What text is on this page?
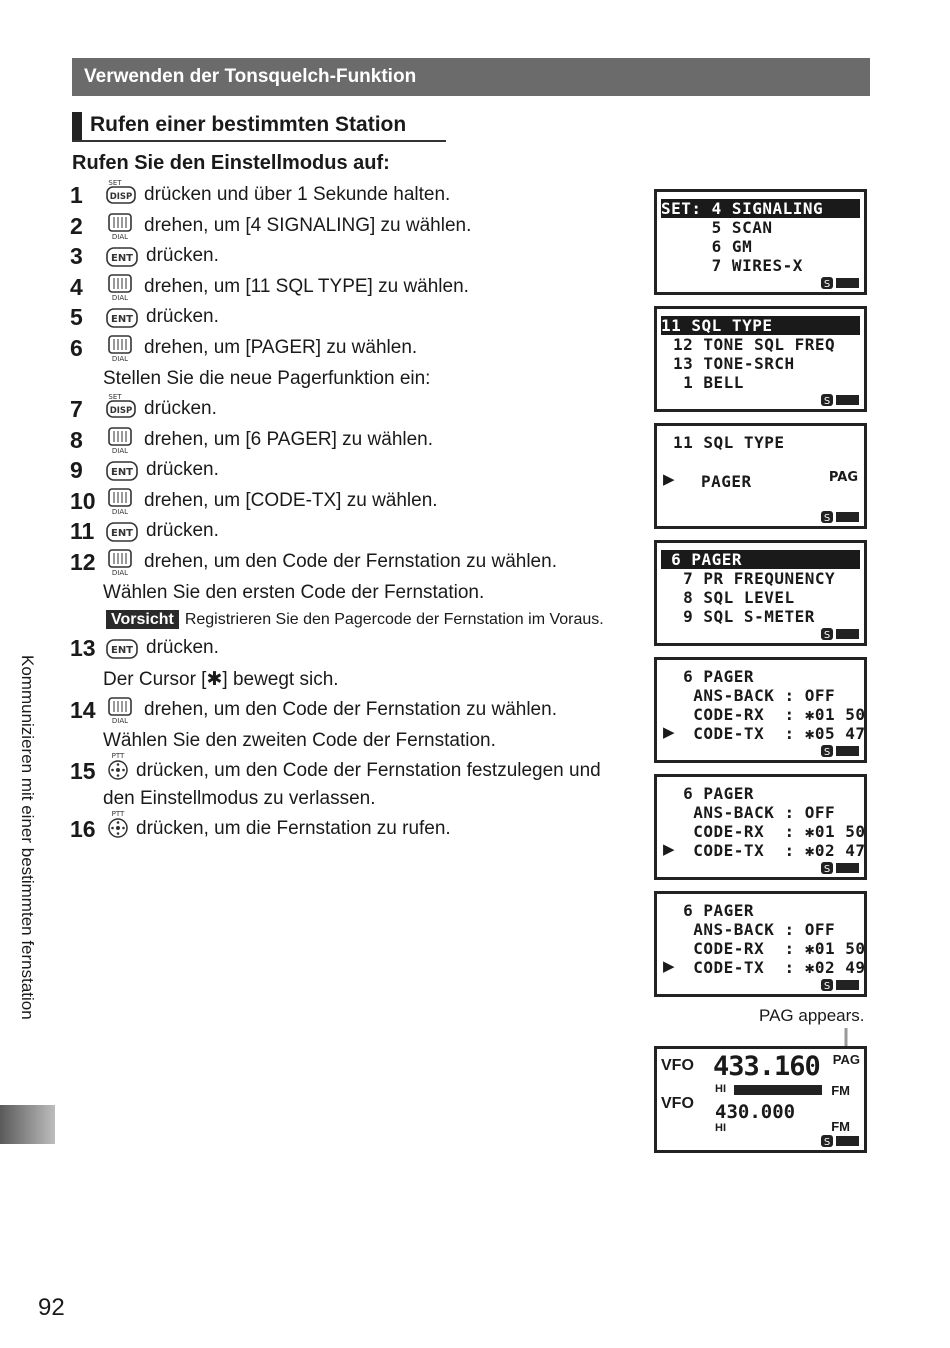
Verwenden der Tonsquelch-Funktion
Rufen einer bestimmten Station
Rufen Sie den Einstellmodus auf:
1	SET
DISP drücken und über 1 Sekunde halten.
2	DIAL
drehen, um [4 SIGNALING] zu wählen.
3	ENT drücken.
4	DIAL
drehen, um [11 SQL TYPE] zu wählen.
5	ENT drücken.
6	DIAL
drehen, um [PAGER] zu wählen.
7	SET
DISP drücken.
8	DIAL
drehen, um [6 PAGER] zu wählen.
9	ENT drücken.
10	DIAL
drehen, um [CODE-TX] zu wählen.
11	ENT drücken.
12	DIAL
drehen, um den Code der Fernstation zu wählen.
13	ENT drücken.
14	DIAL
drehen, um den Code der Fernstation zu wählen.
15
PTT
drücken, um den Code der Fernstation festzulegen und
16
PTT
drücken, um die Fernstation zu rufen.
Stellen Sie die neue Pagerfunktion ein:
Wählen Sie den ersten Code der Fernstation.
Vorsicht Registrieren Sie den Pagercode der Fernstation im Voraus.
Der Cursor [✱] bewegt sich.
Wählen Sie den zweiten Code der Fernstation.
den Einstellmodus zu verlassen.
SET: 4 SIGNALING
5 SCAN
6 GM
7 WIRES-X
S
11 SQL TYPE
12 TONE SQL FREQ
13 TONE-SRCH
1 BELL
S
11 SQL TYPE
▶ PAGER	PAG
S
6 PAGER
7 PR FREQUNENCY
8 SQL LEVEL
9 SQL S-METER
S
6 PAGER
ANS-BACK : OFF
CODE-RX  : ✱01 50
▶
CODE-TX  : ✱05 47
S
6 PAGER
ANS-BACK : OFF
CODE-RX  : ✱01 50
▶
CODE-TX  : ✱02 47
S
6 PAGER
ANS-BACK : OFF
CODE-RX  : ✱01 50
▶
CODE-TX  : ✱02 49
S
PAG appears.
VFO 433.160 PAG
HI	FM
VFO 430.000
HI	FM
S
Kommunizieren mit einer bestimmten fernstation
92
